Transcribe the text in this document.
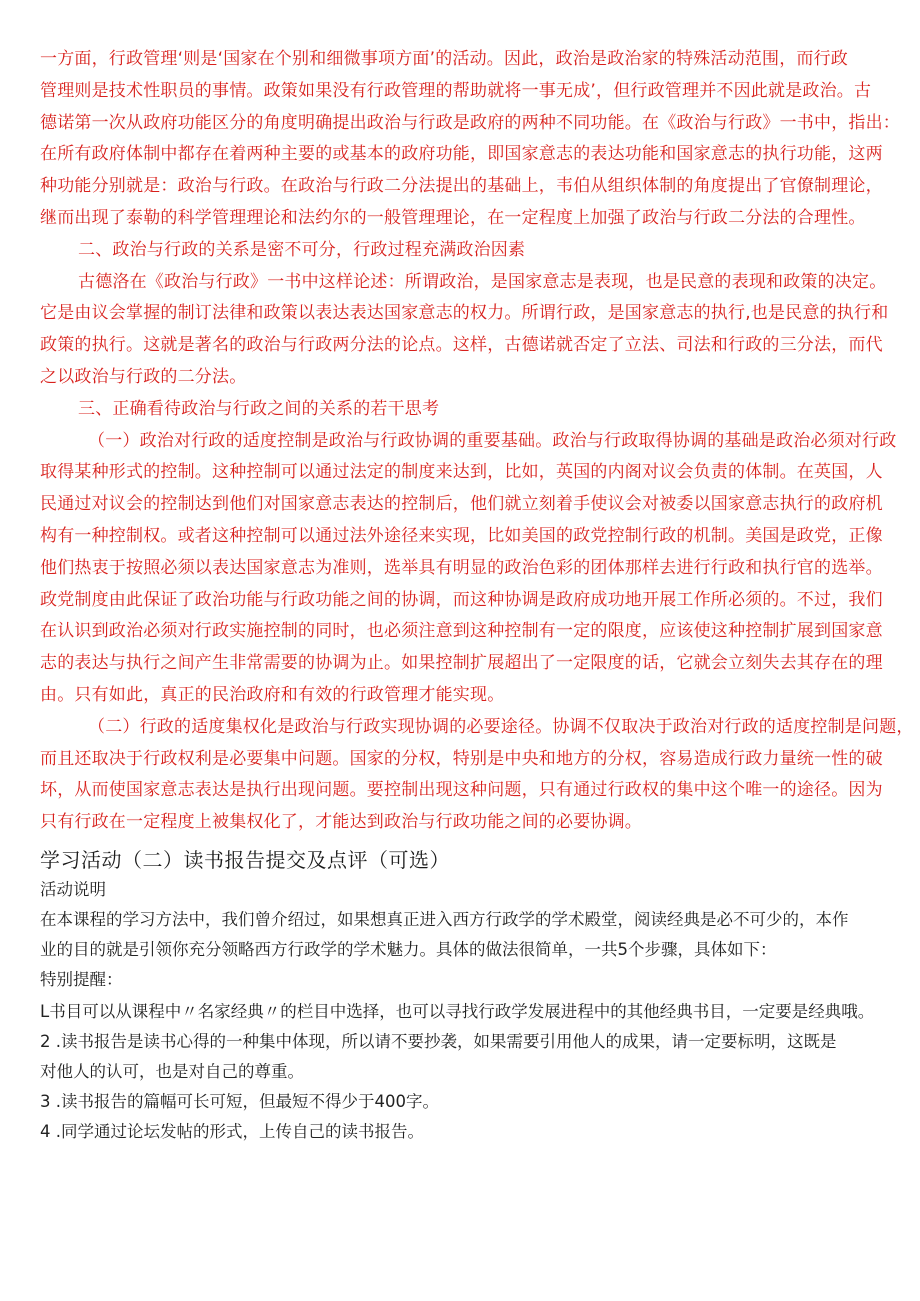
一方面，行政管理‘则是‘国家在个别和细微事项方面’的活动。因此，政治是政治家的特殊活动范围，而行政
管理则是技术性职员的事情。政策如果没有行政管理的帮助就将一事无成’，但行政管理并不因此就是政治。古
德诺第一次从政府功能区分的角度明确提出政治与行政是政府的两种不同功能。在《政治与行政》一书中，指出：
在所有政府体制中都存在着两种主要的或基本的政府功能，即国家意志的表达功能和国家意志的执行功能，这两
种功能分别就是：政治与行政。在政治与行政二分法提出的基础上，韦伯从组织体制的角度提出了官僚制理论，
继而出现了泰勒的科学管理理论和法约尔的一般管理理论，在一定程度上加强了政治与行政二分法的合理性。
二、政治与行政的关系是密不可分，行政过程充满政治因素
古德洛在《政治与行政》一书中这样论述：所谓政治，是国家意志是表现，也是民意的表现和政策的决定。
它是由议会掌握的制订法律和政策以表达表达国家意志的权力。所谓行政，是国家意志的执行,也是民意的执行和
政策的执行。这就是著名的政治与行政两分法的论点。这样，古德诺就否定了立法、司法和行政的三分法，而代
之以政治与行政的二分法。
三、正确看待政治与行政之间的关系的若干思考
（一）政治对行政的适度控制是政治与行政协调的重要基础。政治与行政取得协调的基础是政治必须对行政
取得某种形式的控制。这种控制可以通过法定的制度来达到，比如，英国的内阁对议会负责的体制。在英国，人
民通过对议会的控制达到他们对国家意志表达的控制后，他们就立刻着手使议会对被委以国家意志执行的政府机
构有一种控制权。或者这种控制可以通过法外途径来实现，比如美国的政党控制行政的机制。美国是政党，正像
他们热衷于按照必须以表达国家意志为准则，选举具有明显的政治色彩的团体那样去进行行政和执行官的选举。
政党制度由此保证了政治功能与行政功能之间的协调，而这种协调是政府成功地开展工作所必须的。不过，我们
在认识到政治必须对行政实施控制的同时，也必须注意到这种控制有一定的限度，应该使这种控制扩展到国家意
志的表达与执行之间产生非常需要的协调为止。如果控制扩展超出了一定限度的话，它就会立刻失去其存在的理
由。只有如此，真正的民治政府和有效的行政管理才能实现。
（二）行政的适度集权化是政治与行政实现协调的必要途径。协调不仅取决于政治对行政的适度控制是问题，
而且还取决于行政权利是必要集中问题。国家的分权，特别是中央和地方的分权，容易造成行政力量统一性的破
坏，从而使国家意志表达是执行出现问题。要控制出现这种问题，只有通过行政权的集中这个唯一的途径。因为
只有行政在一定程度上被集权化了，才能达到政治与行政功能之间的必要协调。
学习活动（二）读书报告提交及点评（可选）
活动说明
在本课程的学习方法中，我们曾介绍过，如果想真正进入西方行政学的学术殿堂，阅读经典是必不可少的，本作
业的目的就是引领你充分领略西方行政学的学术魅力。具体的做法很简单，一共5个步骤，具体如下：
特别提醒：
L书目可以从课程中〃名家经典〃的栏目中选择，也可以寻找行政学发展进程中的其他经典书目，一定要是经典哦。
2 .读书报告是读书心得的一种集中体现，所以请不要抄袭，如果需要引用他人的成果，请一定要标明，这既是
对他人的认可，也是对自己的尊重。
3 .读书报告的篇幅可长可短，但最短不得少于400字。
4 .同学通过论坛发帖的形式，上传自己的读书报告。
